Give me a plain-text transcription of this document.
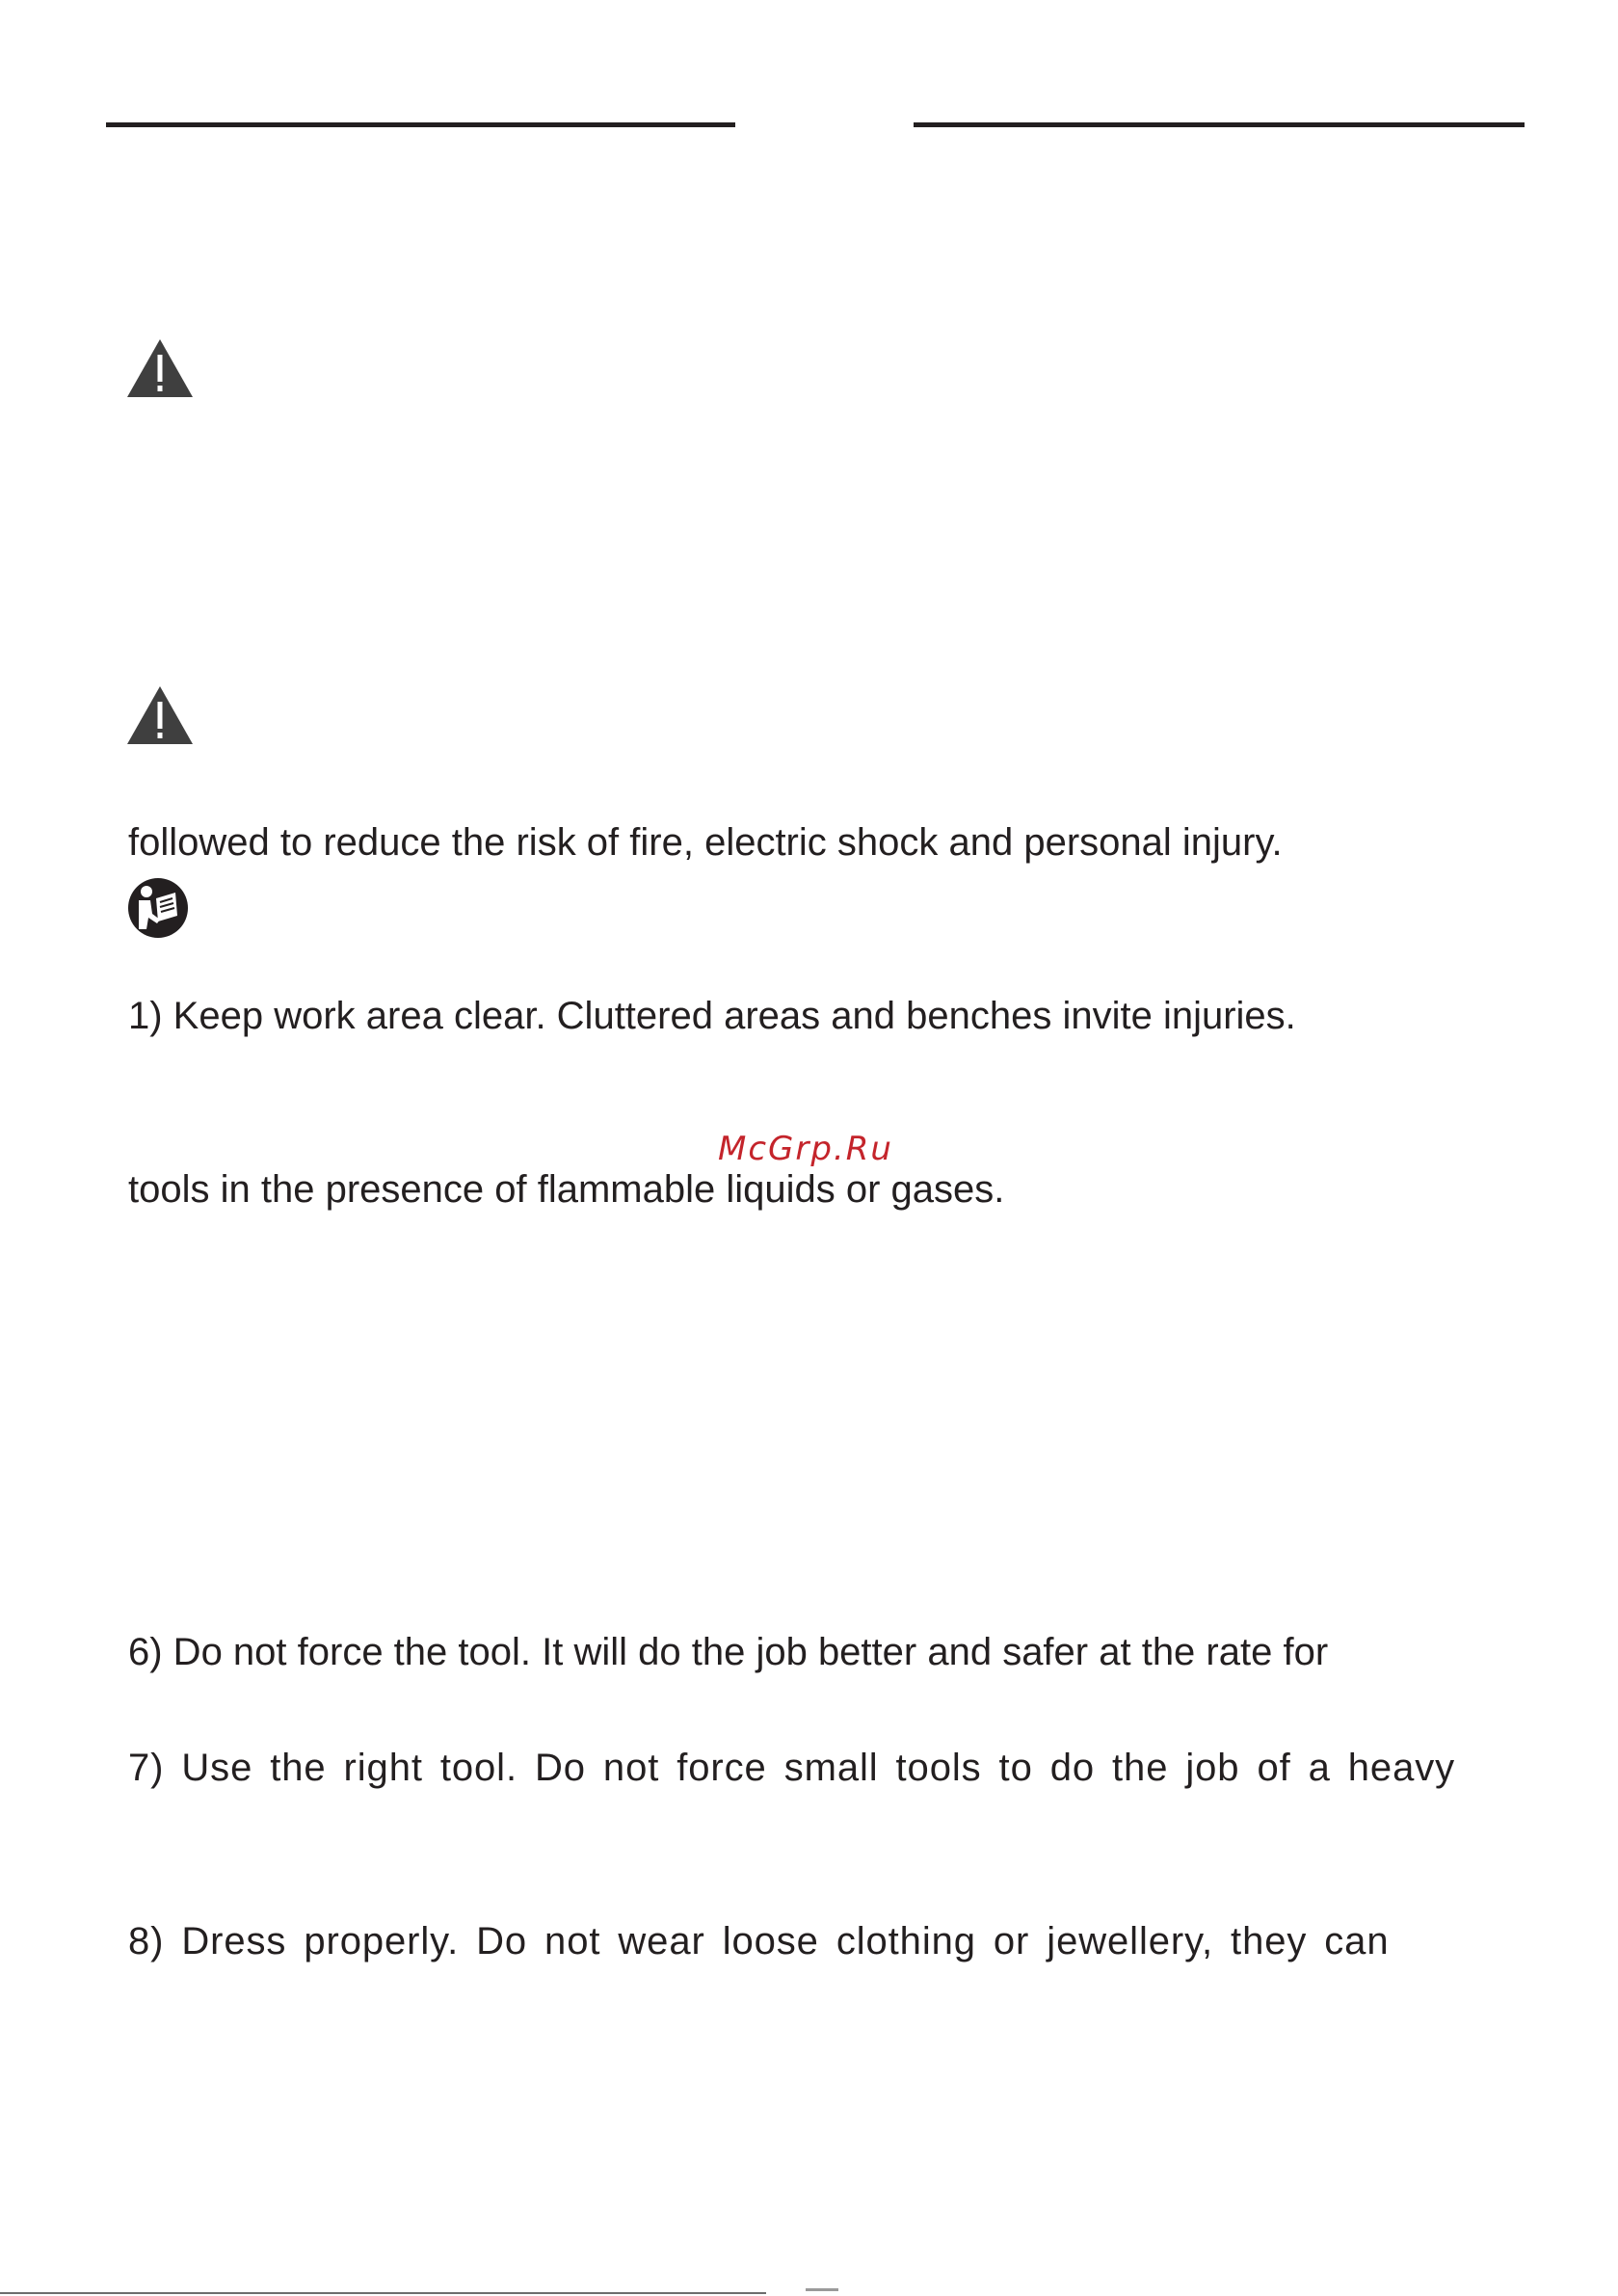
followed to reduce the risk of fire, electric shock and personal injury.
1) Keep work area clear. Cluttered areas and benches invite injuries.
McGrp.Ru
tools in the presence of flammable liquids or gases.
6) Do not force the tool. It will do the job better and safer at the rate for
7) Use the right tool. Do not force small tools to do the job of a heavy
8) Dress properly. Do not wear loose clothing or jewellery, they can
